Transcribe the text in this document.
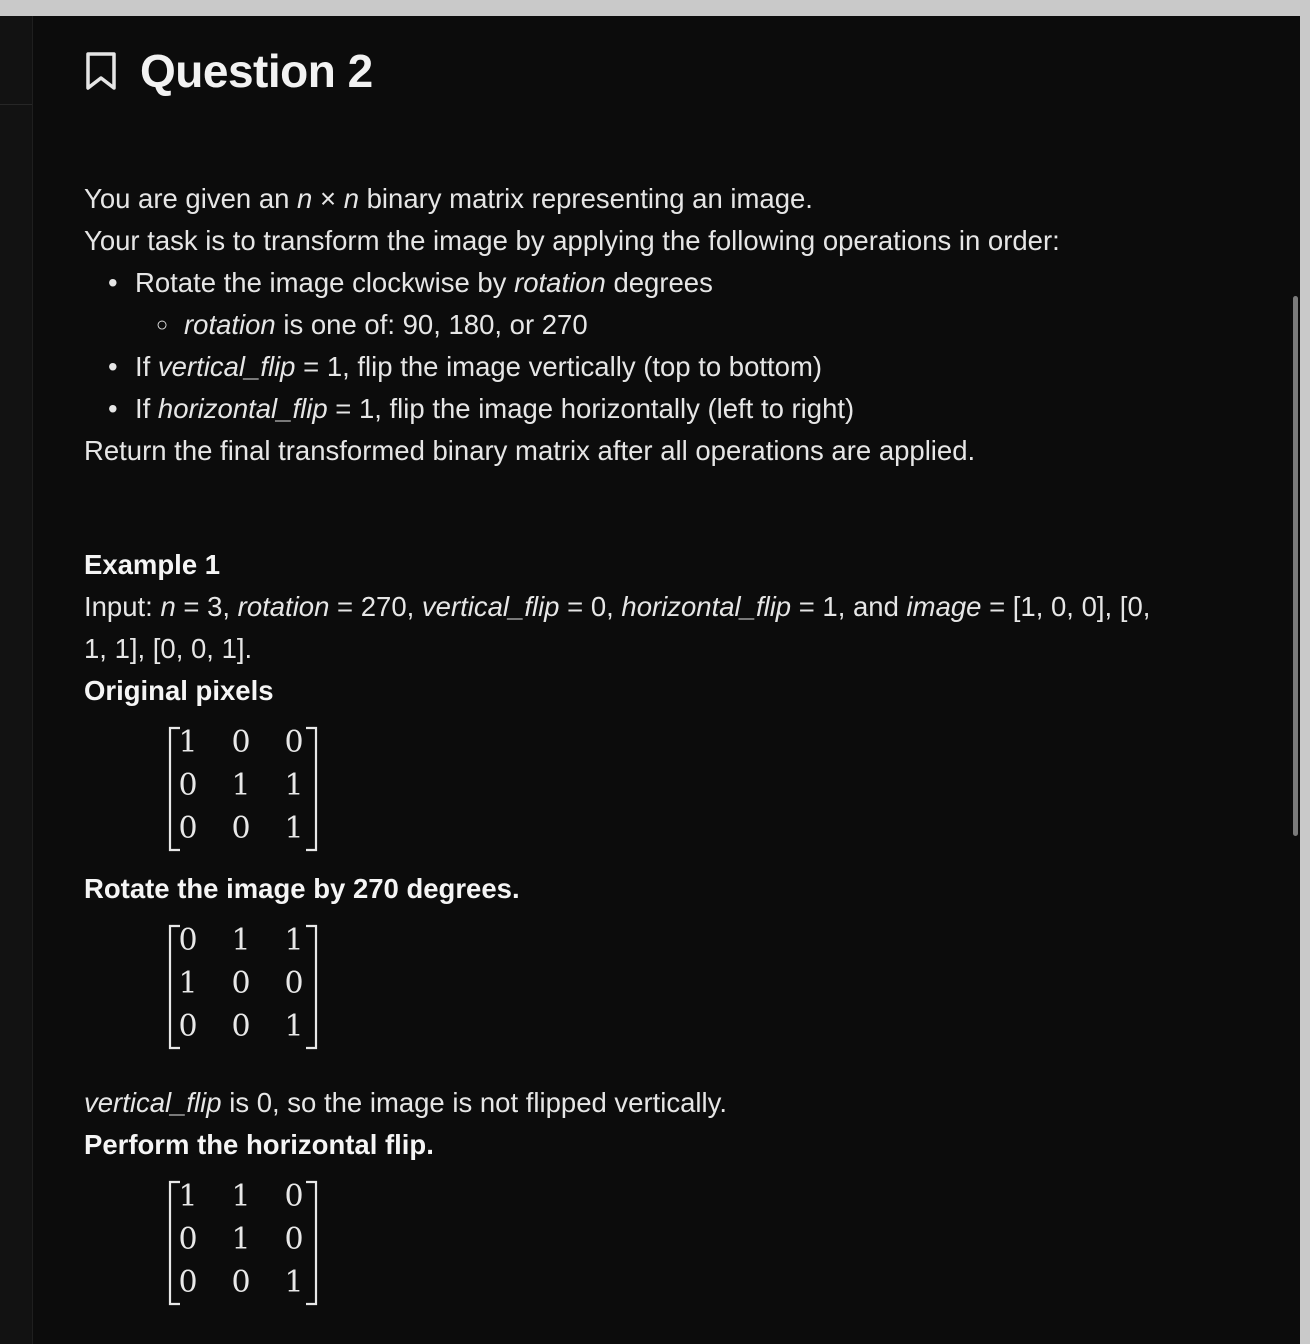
Question 2
You are given an n × n binary matrix representing an image.
Your task is to transform the image by applying the following operations in order:
• Rotate the image clockwise by rotation degrees
○ rotation is one of: 90, 180, or 270
• If vertical_flip = 1, flip the image vertically (top to bottom)
• If horizontal_flip = 1, flip the image horizontally (left to right)
Return the final transformed binary matrix after all operations are applied.
Example 1
Input: n = 3, rotation = 270, vertical_flip = 0, horizontal_flip = 1, and image = [1, 0, 0], [0,
1, 1], [0, 0, 1].
Original pixels
1 0 0
0 1 1
0 0 1
Rotate the image by 270 degrees.
0 1 1
1 0 0
0 0 1
vertical_flip is 0, so the image is not flipped vertically.
Perform the horizontal flip.
1 1 0
0 1 0
0 0 1
